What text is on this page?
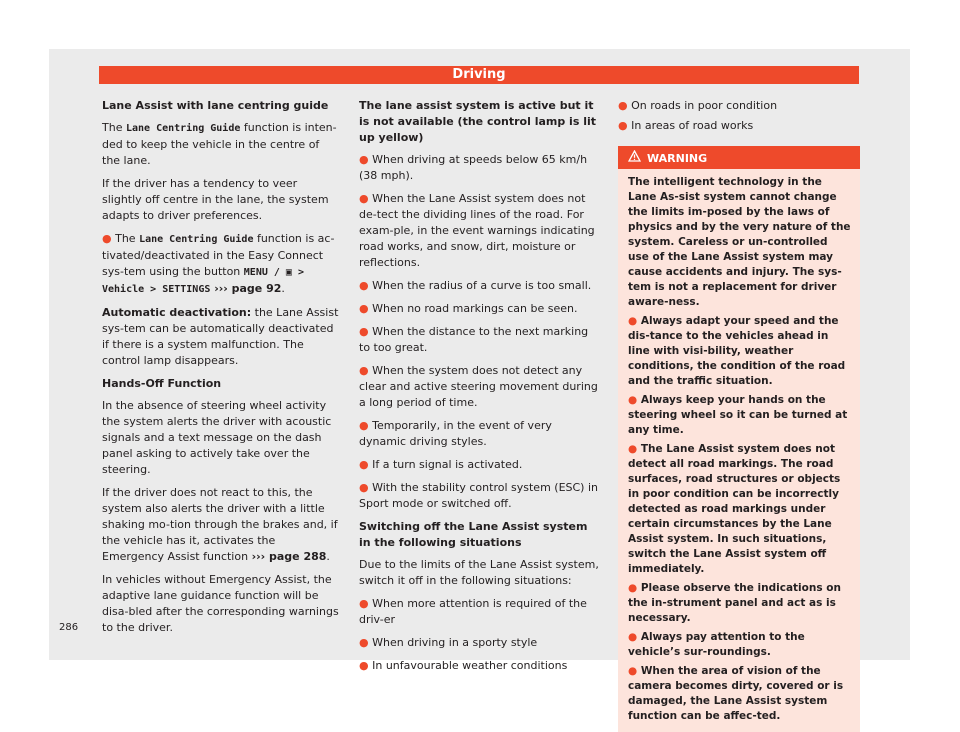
Driving
Lane Assist with lane centring guide

The Lane Centring Guide function is inten-ded to keep the vehicle in the centre of the lane.

If the driver has a tendency to veer slightly off centre in the lane, the system adapts to driver preferences.

● The Lane Centring Guide function is ac-tivated/deactivated in the Easy Connect sys-tem using the button MENU / ▣ > Vehicle > SETTINGS ››› page 92.

Automatic deactivation: the Lane Assist sys-tem can be automatically deactivated if there is a system malfunction. The control lamp disappears.

Hands-Off Function

In the absence of steering wheel activity the system alerts the driver with acoustic signals and a text message on the dash panel asking to actively take over the steering.

If the driver does not react to this, the system also alerts the driver with a little shaking mo-tion through the brakes and, if the vehicle has it, activates the Emergency Assist function ››› page 288.

In vehicles without Emergency Assist, the adaptive lane guidance function will be disa-bled after the corresponding warnings to the driver.

The lane assist system is active but it is not available (the control lamp is lit up yellow)

● When driving at speeds below 65 km/h (38 mph).

● When the Lane Assist system does not de-tect the dividing lines of the road. For exam-ple, in the event warnings indicating road works, and snow, dirt, moisture or reflections.

● When the radius of a curve is too small.

● When no road markings can be seen.

● When the distance to the next marking to too great.

● When the system does not detect any clear and active steering movement during a long period of time.

● Temporarily, in the event of very dynamic driving styles.

● If a turn signal is activated.

● With the stability control system (ESC) in Sport mode or switched off.

Switching off the Lane Assist system in the following situations

Due to the limits of the Lane Assist system, switch it off in the following situations:

● When more attention is required of the driv-er

● When driving in a sporty style

● In unfavourable weather conditions

● On roads in poor condition

● In areas of road works

WARNING

The intelligent technology in the Lane As-sist system cannot change the limits im-posed by the laws of physics and by the very nature of the system. Careless or un-controlled use of the Lane Assist system may cause accidents and injury. The sys-tem is not a replacement for driver aware-ness.

● Always adapt your speed and the dis-tance to the vehicles ahead in line with visi-bility, weather conditions, the condition of the road and the traffic situation.

● Always keep your hands on the steering wheel so it can be turned at any time.

● The Lane Assist system does not detect all road markings. The road surfaces, road structures or objects in poor condition can be incorrectly detected as road markings under certain circumstances by the Lane Assist system. In such situations, switch the Lane Assist system off immediately.

● Please observe the indications on the in-strument panel and act as is necessary.

● Always pay attention to the vehicle’s sur-roundings.

● When the area of vision of the camera becomes dirty, covered or is damaged, the Lane Assist system function can be affec-ted.

286
